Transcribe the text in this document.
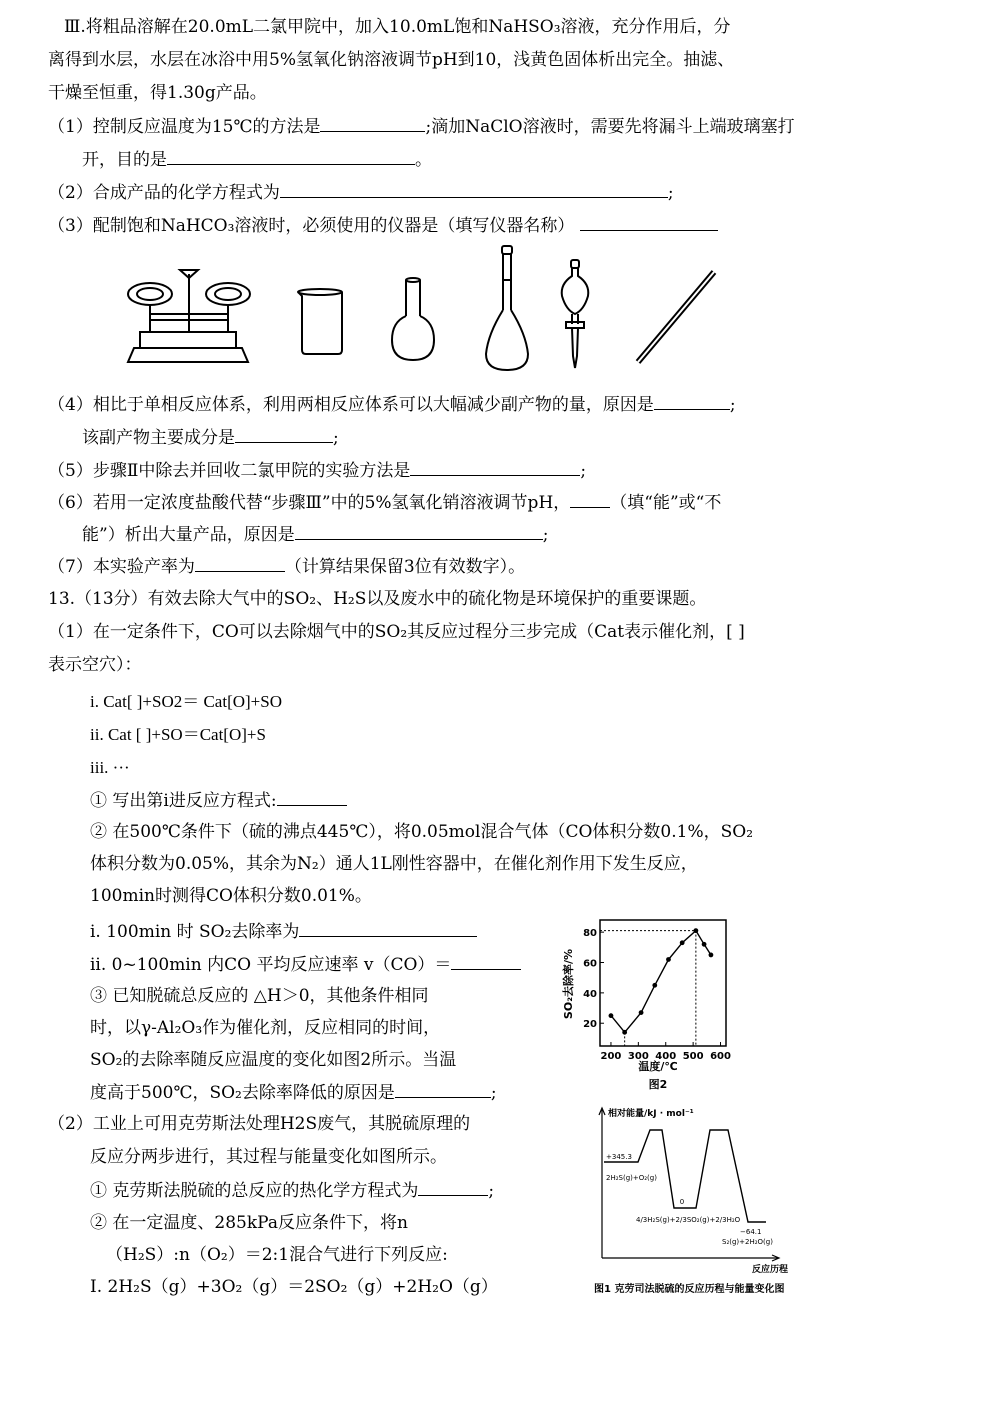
Ⅲ.将粗品溶解在20.0mL二氯甲院中，加入10.0mL饱和NaHSO₃溶液，充分作用后，分
离得到水层，水层在冰浴中用5%氢氧化钠溶液调节pH到10，浅黄色固体析出完全。抽滤、
干燥至恒重，得1.30g产品。
（1）控制反应温度为15℃的方法是	;滴加NaClO溶液时，需要先将漏斗上端玻璃塞打
开，目的是	。
（2）合成产品的化学方程式为	;
（3）配制饱和NaHCO₃溶液时，必须使用的仪器是（填写仪器名称）
（4）相比于单相反应体系，利用两相反应体系可以大幅减少副产物的量，原因是	;
该副产物主要成分是	;
（5）步骤Ⅱ中除去并回收二氯甲院的实验方法是	;
（6）若用一定浓度盐酸代替“步骤Ⅲ”中的5%氢氧化销溶液调节pH， （填“能”或“不
能”）析出大量产品，原因是	;
（7）本实验产率为	（计算结果保留3位有效数字）。
13.（13分）有效去除大气中的SO₂、H₂S以及废水中的硫化物是环境保护的重要课题。
（1）在一定条件下，CO可以去除烟气中的SO₂其反应过程分三步完成（Cat表示催化剂，[ ]
表示空穴）：
i. Cat[ ]+SO2＝ Cat[O]+SO
ii. Cat [ ]+SO＝Cat[O]+S
iii. ···
① 写出第i进反应方程式:
② 在500℃条件下（硫的沸点445℃），将0.05mol混合气体（CO体积分数0.1%，SO₂
体积分数为0.05%，其余为N₂）通人1L刚性容器中，在催化剂作用下发生反应，
100min时测得CO体积分数0.01%。
i. 100min 时 SO₂去除率为
ii. 0~100min 内CO 平均反应速率 v（CO）＝
③ 已知脱硫总反应的 △H＞0，其他条件相同
时，以γ-Al₂O₃作为催化剂，反应相同的时间，
SO₂的去除率随反应温度的变化如图2所示。当温
度高于500℃，SO₂去除率降低的原因是	;
20
40
60
80
200 300 400 500 600
SO₂去除率/%
温度/℃
图2
（2）工业上可用克劳斯法处理H2S废气，其脱硫原理的
反应分两步进行，其过程与能量变化如图所示。
① 克劳斯法脱硫的总反应的热化学方程式为	;
② 在一定温度、285kPa反应条件下，将n
（H₂S）:n（O₂）＝2:1混合气进行下列反应:
I. 2H₂S（g）+3O₂（g）＝2SO₂（g）+2H₂O（g）
相对能量/kJ · mol⁻¹
反应历程
+345.3
2H₂S(g)+O₂(g)
0
4/3H₂S(g)+2/3SO₂(g)+2/3H₂O
−64.1
S₂(g)+2H₂O(g)
图1 克劳司法脱硫的反应历程与能量变化图
